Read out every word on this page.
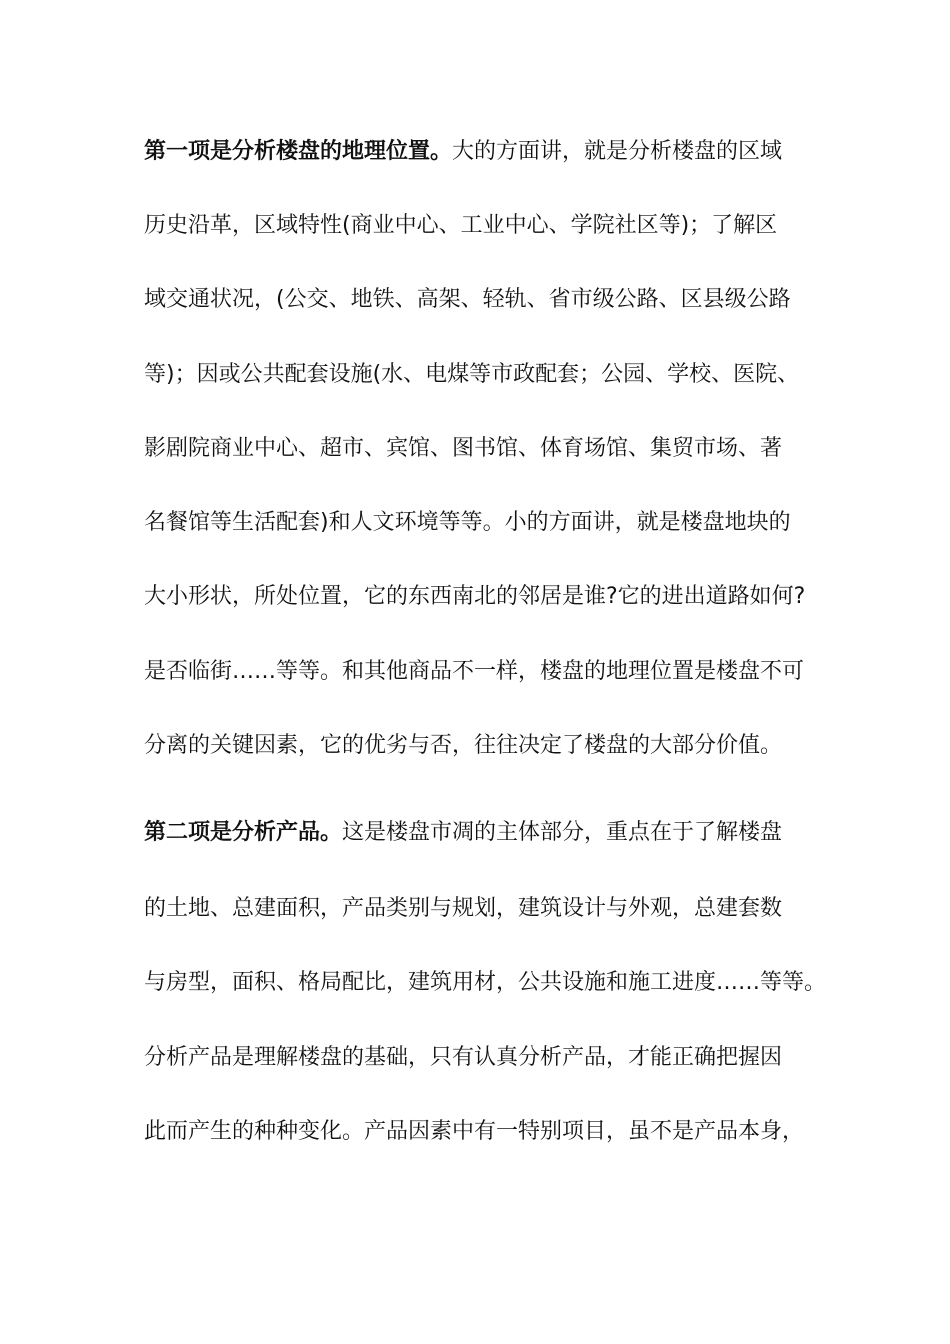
第一项是分析楼盘的地理位置。大的方面讲，就是分析楼盘的区域
历史沿革，区域特性(商业中心、工业中心、学院社区等)；了解区
域交通状况，(公交、地铁、高架、轻轨、省市级公路、区县级公路
等)；因或公共配套设施(水、电煤等市政配套；公园、学校、医院、
影剧院商业中心、超市、宾馆、图书馆、体育场馆、集贸市场、著
名餐馆等生活配套)和人文环境等等。小的方面讲，就是楼盘地块的
大小形状，所处位置，它的东西南北的邻居是谁?它的进出道路如何?
是否临街……等等。和其他商品不一样，楼盘的地理位置是楼盘不可
分离的关键因素，它的优劣与否，往往决定了楼盘的大部分价值。
第二项是分析产品。这是楼盘市凋的主体部分，重点在于了解楼盘
的土地、总建面积，产品类别与规划，建筑设计与外观，总建套数
与房型，面积、格局配比，建筑用材，公共设施和施工进度……等等。
分析产品是理解楼盘的基础，只有认真分析产品，才能正确把握因
此而产生的种种变化。产品因素中有一特别项目，虽不是产品本身，
